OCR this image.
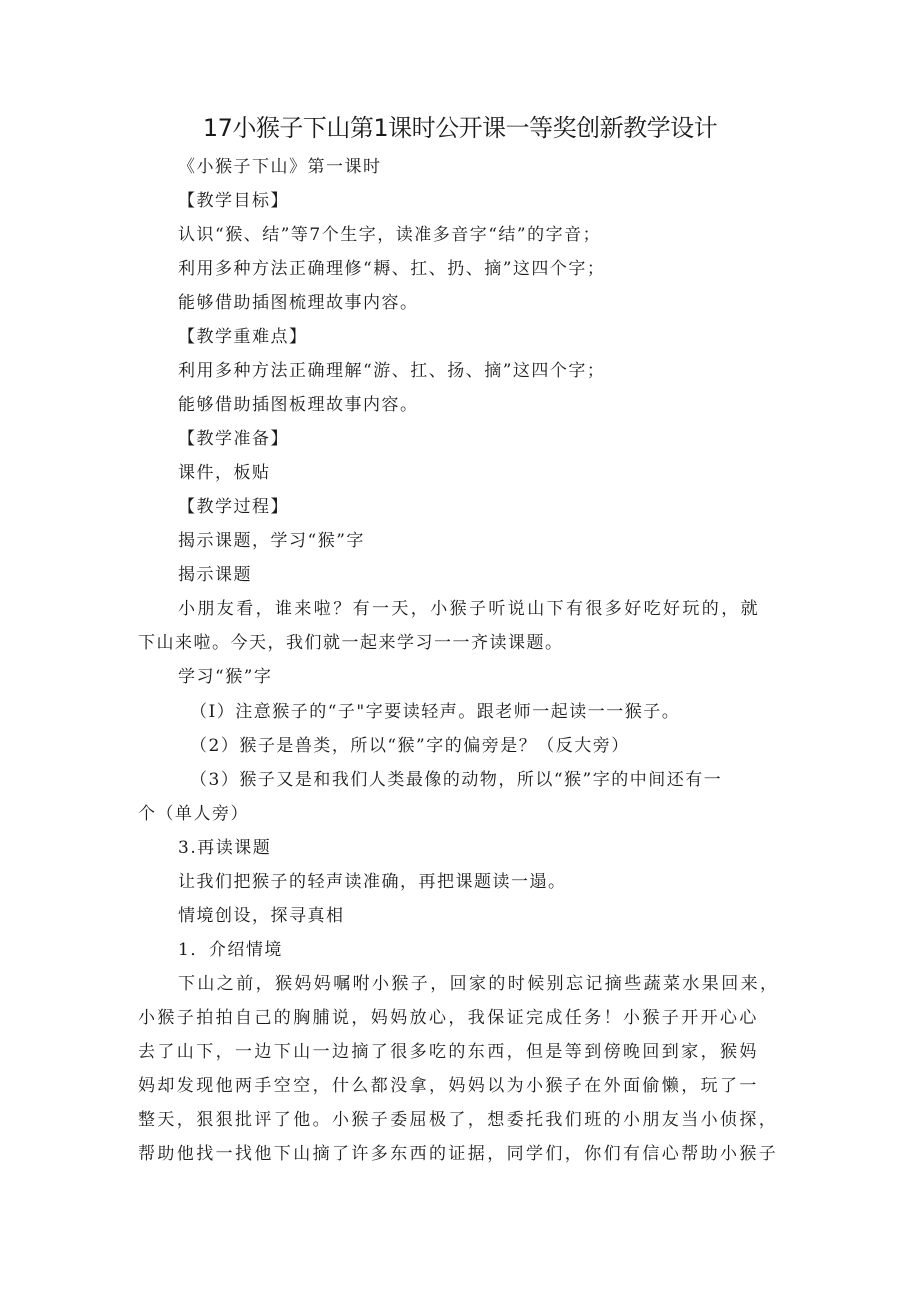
17小猴子下山第1课时公开课一等奖创新教学设计
《小猴子下山》第一课时
【教学目标】
认识“猴、结”等7个生字，读准多音字“结”的字音；
利用多种方法正确理修“耨、扛、扔、摘”这四个字；
能够借助插图梳理故事内容。
【教学重难点】
利用多种方法正确理解“游、扛、扬、摘”这四个字；
能够借助插图板理故事内容。
【教学准备】
课件，板贴
【教学过程】
揭示课题，学习“猴”字
揭示课题
小朋友看，谁来啦？有一天，小猴子听说山下有很多好吃好玩的，就
下山来啦。今天，我们就一起来学习一一齐读课题。
学习“猴”字
（I）注意猴子的“子"字要读轻声。跟老师一起读一一猴子。
（2）猴子是兽类，所以“猴”字的偏旁是？（反大旁）
（3）猴子又是和我们人类最像的动物，所以“猴”字的中间还有一
个（单人旁）
3.再读课题
让我们把猴子的轻声读准确，再把课题读一遢。
情境创设，探寻真相
1．介绍情境
下山之前，猴妈妈嘱咐小猴子，回家的时候别忘记摘些蔬菜水果回来，
小猴子拍拍自己的胸脯说，妈妈放心，我保证完成任务！小猴子开开心心
去了山下，一边下山一边摘了很多吃的东西，但是等到傍晚回到家，猴妈
妈却发现他两手空空，什么都没拿，妈妈以为小猴子在外面偷懒，玩了一
整天，狠狠批评了他。小猴子委屈极了，想委托我们班的小朋友当小侦探，
帮助他找一找他下山摘了许多东西的证据，同学们，你们有信心帮助小猴子
